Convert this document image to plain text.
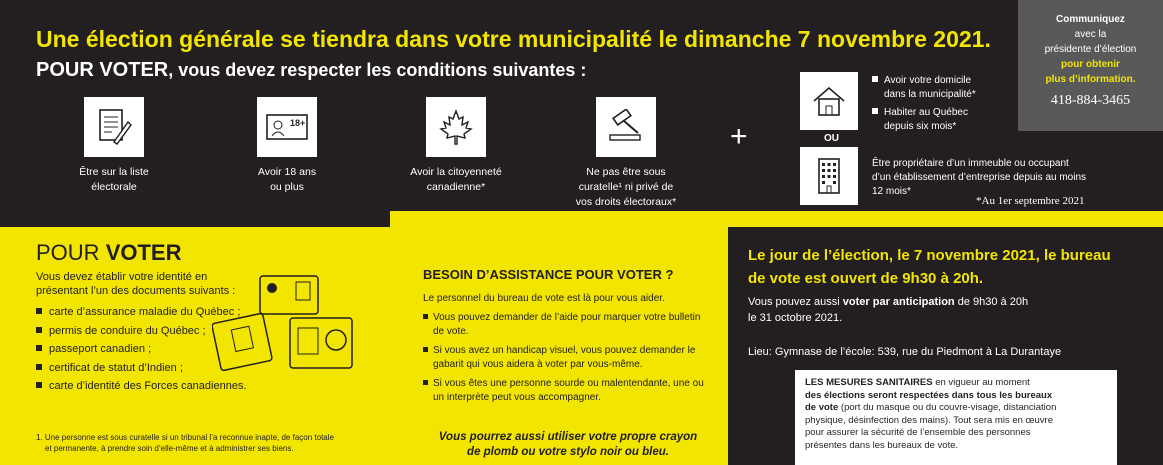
Une élection générale se tiendra dans votre municipalité le dimanche 7 novembre 2021.
POUR VOTER, vous devez respecter les conditions suivantes :
Être sur la liste
électorale
18+
Avoir 18 ans
ou plus
Avoir la citoyenneté
canadienne*
Ne pas être sous
curatelle¹ ni privé de
vos droits électoraux*
+	OU
Avoir votre domicile
dans la municipalité*
Habiter au Québec
depuis six mois*
Être propriétaire d’un immeuble ou occupant
d’un établissement d’entreprise depuis au moins
12 mois*
*Au 1er septembre 2021
Communiquez
avec la
présidente d’élection
pour obtenir
plus d’information.
418-884-3465
POUR VOTER
Vous devez établir votre identité en
présentant l’un des documents suivants :
carte d’assurance maladie du Québec ;
permis de conduire du Québec ;
passeport canadien ;
certificat de statut d’Indien ;
carte d’identité des Forces canadiennes.
1. Une personne est sous curatelle si un tribunal l’a reconnue inapte, de façon totale
et permanente, à prendre soin d’elle-même et à administrer ses biens.
BESOIN D’ASSISTANCE POUR VOTER ?
Le personnel du bureau de vote est là pour vous aider.
Vous pouvez demander de l’aide pour marquer votre bulletin de vote.
Si vous avez un handicap visuel, vous pouvez demander le gabarit qui vous aidera à voter par vous-même.
Si vous êtes une personne sourde ou malentendante, une ou un interprète peut vous accompagner.
Vous pourrez aussi utiliser votre propre crayon
de plomb ou votre stylo noir ou bleu.
Le jour de l’élection, le 7 novembre 2021, le bureau
de vote est ouvert de 9h30 à 20h.
Vous pouvez aussi voter par anticipation de 9h30 à 20h
le 31 octobre 2021.
Lieu: Gymnase de l’école: 539, rue du Piedmont à La Durantaye
LES MESURES SANITAIRES en vigueur au moment
des élections seront respectées dans tous les bureaux
de vote (port du masque ou du couvre-visage, distanciation
physique, désinfection des mains). Tout sera mis en œuvre
pour assurer la sécurité de l’ensemble des personnes
présentes dans les bureaux de vote.
